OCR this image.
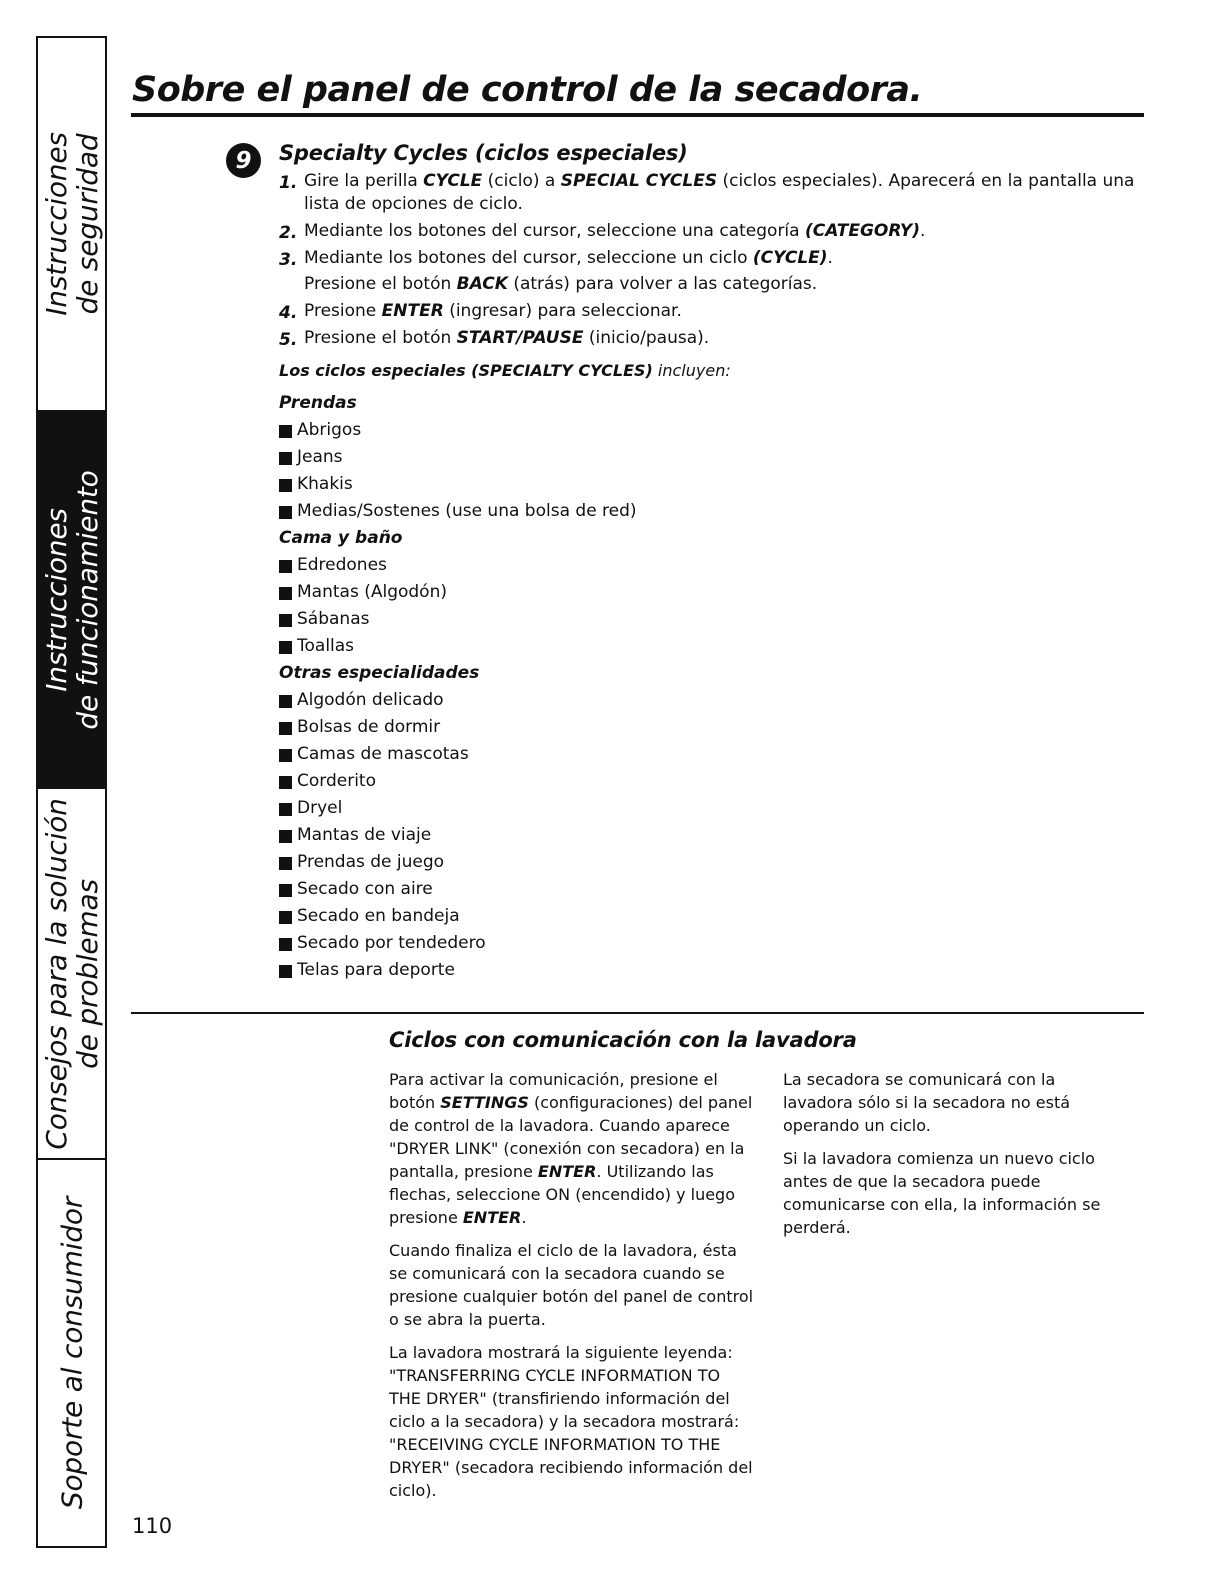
Instrucciones
de seguridad
Instrucciones
de funcionamiento
Consejos para la solución
de problemas
Soporte al consumidor
Sobre el panel de control de la secadora.
9	Specialty Cycles (ciclos especiales)
1. Gire la perilla CYCLE (ciclo) a SPECIAL CYCLES (ciclos especiales). Aparecerá en la pantalla una lista de opciones de ciclo.
2. Mediante los botones del cursor, seleccione una categoría (CATEGORY).
3. Mediante los botones del cursor, seleccione un ciclo (CYCLE).
Presione el botón BACK (atrás) para volver a las categorías.
4. Presione ENTER (ingresar) para seleccionar.
5. Presione el botón START/PAUSE (inicio/pausa).
Los ciclos especiales (SPECIALTY CYCLES) incluyen:
Prendas
Abrigos
Jeans
Khakis
Medias/Sostenes (use una bolsa de red)
Cama y baño
Edredones
Mantas (Algodón)
Sábanas
Toallas
Otras especialidades
Algodón delicado
Bolsas de dormir
Camas de mascotas
Corderito
Dryel
Mantas de viaje
Prendas de juego
Secado con aire
Secado en bandeja
Secado por tendedero
Telas para deporte
Ciclos con comunicación con la lavadora

Para activar la comunicación, presione el botón SETTINGS (configuraciones) del panel de control de la lavadora. Cuando aparece "DRYER LINK" (conexión con secadora) en la pantalla, presione ENTER. Utilizando las flechas, seleccione ON (encendido) y luego presione ENTER.

Cuando finaliza el ciclo de la lavadora, ésta se comunicará con la secadora cuando se presione cualquier botón del panel de control o se abra la puerta.

La lavadora mostrará la siguiente leyenda: "TRANSFERRING CYCLE INFORMATION TO THE DRYER" (transfiriendo información del ciclo a la secadora) y la secadora mostrará: "RECEIVING CYCLE INFORMATION TO THE DRYER" (secadora recibiendo información del ciclo).

La secadora se comunicará con la lavadora sólo si la secadora no está operando un ciclo.

Si la lavadora comienza un nuevo ciclo antes de que la secadora puede comunicarse con ella, la información se perderá.

110
